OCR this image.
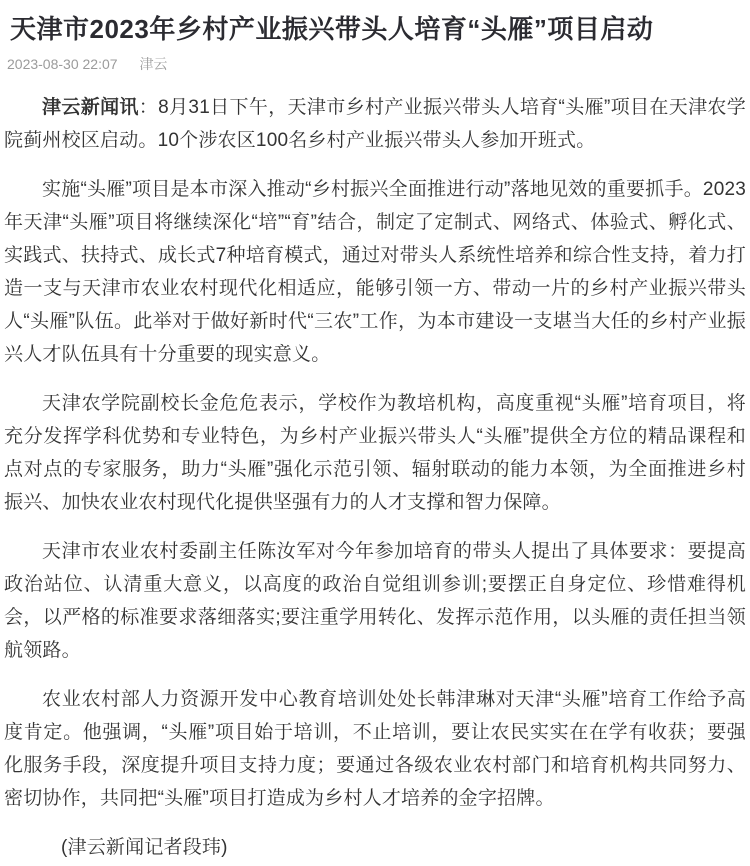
天津市2023年乡村产业振兴带头人培育“头雁”项目启动
2023-08-30 22:07 津云

津云新闻讯：8月31日下午，天津市乡村产业振兴带头人培育“头雁”项目在天津农学院蓟州校区启动。10个涉农区100名乡村产业振兴带头人参加开班式。

实施“头雁”项目是本市深入推动“乡村振兴全面推进行动”落地见效的重要抓手。2023年天津“头雁”项目将继续深化“培”“育”结合，制定了定制式、网络式、体验式、孵化式、实践式、扶持式、成长式7种培育模式，通过对带头人系统性培养和综合性支持，着力打造一支与天津市农业农村现代化相适应，能够引领一方、带动一片的乡村产业振兴带头人“头雁”队伍。此举对于做好新时代“三农”工作，为本市建设一支堪当大任的乡村产业振兴人才队伍具有十分重要的现实意义。

天津农学院副校长金危危表示，学校作为教培机构，高度重视“头雁”培育项目，将充分发挥学科优势和专业特色，为乡村产业振兴带头人“头雁”提供全方位的精品课程和点对点的专家服务，助力“头雁”强化示范引领、辐射联动的能力本领，为全面推进乡村振兴、加快农业农村现代化提供坚强有力的人才支撑和智力保障。

天津市农业农村委副主任陈汝军对今年参加培育的带头人提出了具体要求：要提高政治站位、认清重大意义，以高度的政治自觉组训参训;要摆正自身定位、珍惜难得机会，以严格的标准要求落细落实;要注重学用转化、发挥示范作用，以头雁的责任担当领航领路。

农业农村部人力资源开发中心教育培训处处长韩津琳对天津“头雁”培育工作给予高度肯定。他强调，“头雁”项目始于培训，不止培训，要让农民实实在在学有收获；要强化服务手段，深度提升项目支持力度；要通过各级农业农村部门和培育机构共同努力、密切协作，共同把“头雁”项目打造成为乡村人才培养的金字招牌。

(津云新闻记者段玮)
